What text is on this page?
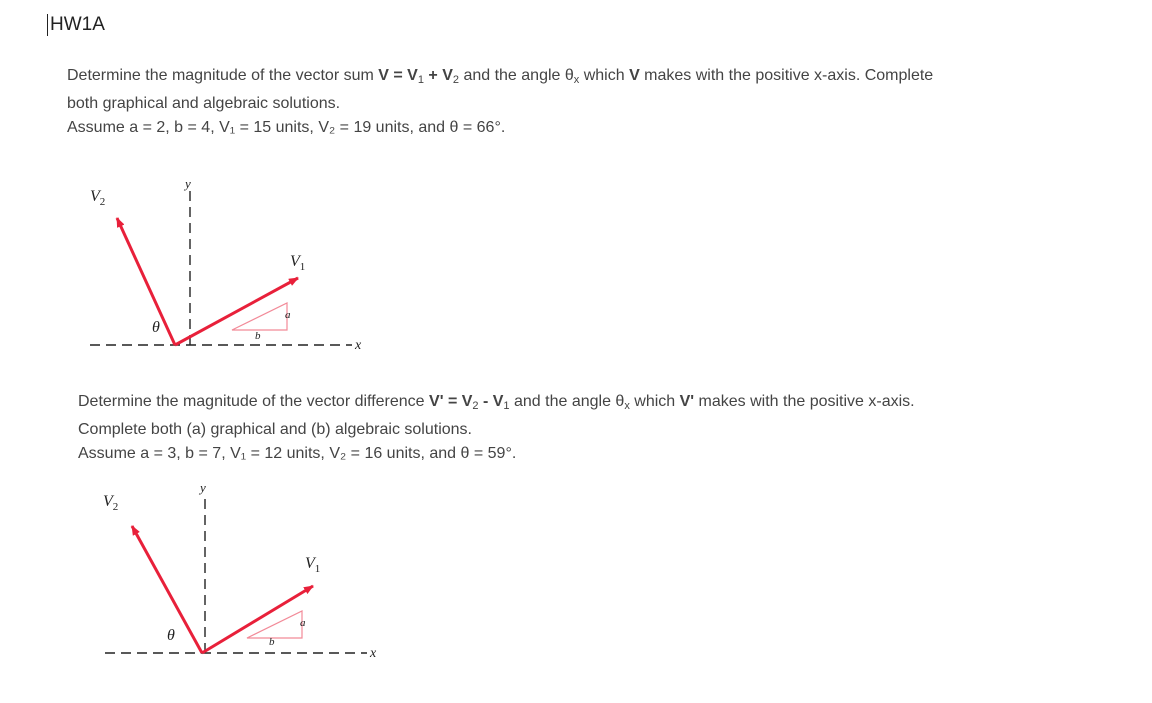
HW1A

Determine the magnitude of the vector sum $V = V_1 + V_2$ and the angle $\theta_x$ which V makes with the positive x-axis. Complete

both graphical and algebraic solutions.

Assume a = 2, b = 4, V₁ = 15 units, V₂ = 19 units, and θ = 66°.

$V_2$
y
$V_1$
θ
a
b
x

Determine the magnitude of the vector difference $V' = V_2 - V_1$ and the angle $\theta_x$ which V' makes with the positive x-axis.

Complete both (a) graphical and (b) algebraic solutions.

Assume a = 3, b = 7, V₁ = 12 units, V₂ = 16 units, and θ = 59°.

$V_2$
y
$V_1$
θ
a
b
x
